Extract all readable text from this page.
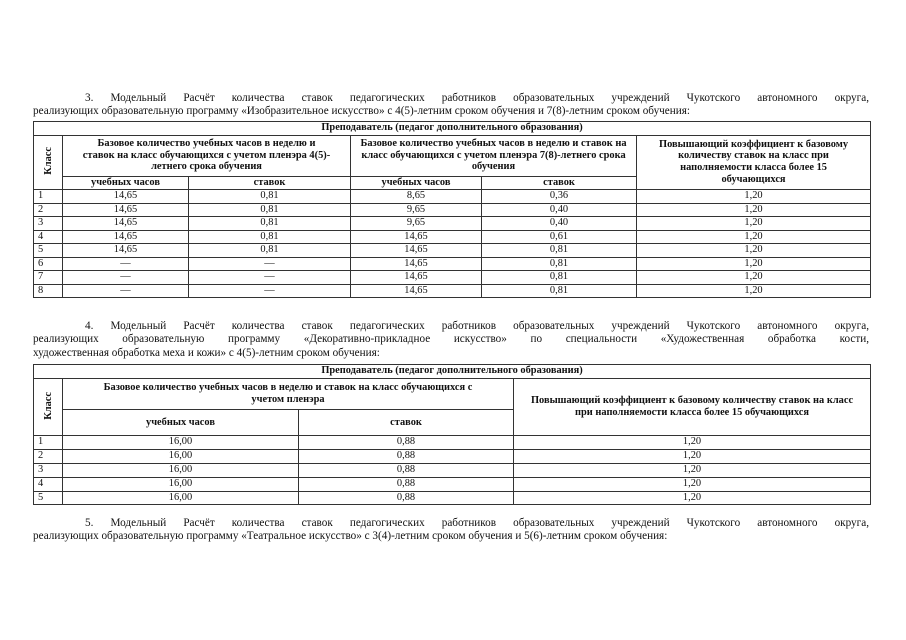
3. Модельный Расчёт количества ставок педагогических работников образовательных учреждений Чукотского автономного округа,
реализующих образовательную программу «Изобразительное искусство» с 4(5)-летним сроком обучения и 7(8)-летним сроком обучения:

Преподаватель (педагог дополнительного образования)					
Класс	Базовое количество учебных часов в неделю и ставок на класс обучающихся с учетом пленэра 4(5)-летнего срока обучения		Базовое количество учебных часов в неделю и ставок на класс обучающихся с учетом пленэра 7(8)-летнего срока обучения		Повышающий коэффициент к базовому количеству ставок на класс при наполняемости класса более 15 обучающихся
	учебных часов	ставок	учебных часов	ставок	
1	14,65	0,81	8,65	0,36	1,20
2	14,65	0,81	9,65	0,40	1,20
3	14,65	0,81	9,65	0,40	1,20
4	14,65	0,81	14,65	0,61	1,20
5	14,65	0,81	14,65	0,81	1,20
6	—	—	14,65	0,81	1,20
7	—	—	14,65	0,81	1,20
8	—	—	14,65	0,81	1,20

4. Модельный Расчёт количества ставок педагогических работников образовательных учреждений Чукотского автономного округа,
реализующих образовательную программу «Декоративно-прикладное искусство» по специальности «Художественная обработка кости,
художественная обработка меха и кожи» с 4(5)-летним сроком обучения:

Преподаватель (педагог дополнительного образования)			
Класс	Базовое количество учебных часов в неделю и ставок на класс обучающихся с учетом пленэра		Повышающий коэффициент к базовому количеству ставок на класс при наполняемости класса более 15 обучающихся
	учебных часов	ставок	
1	16,00	0,88	1,20
2	16,00	0,88	1,20
3	16,00	0,88	1,20
4	16,00	0,88	1,20
5	16,00	0,88	1,20

5. Модельный Расчёт количества ставок педагогических работников образовательных учреждений Чукотского автономного округа,
реализующих образовательную программу «Театральное искусство» с 3(4)-летним сроком обучения и 5(6)-летним сроком обучения:
